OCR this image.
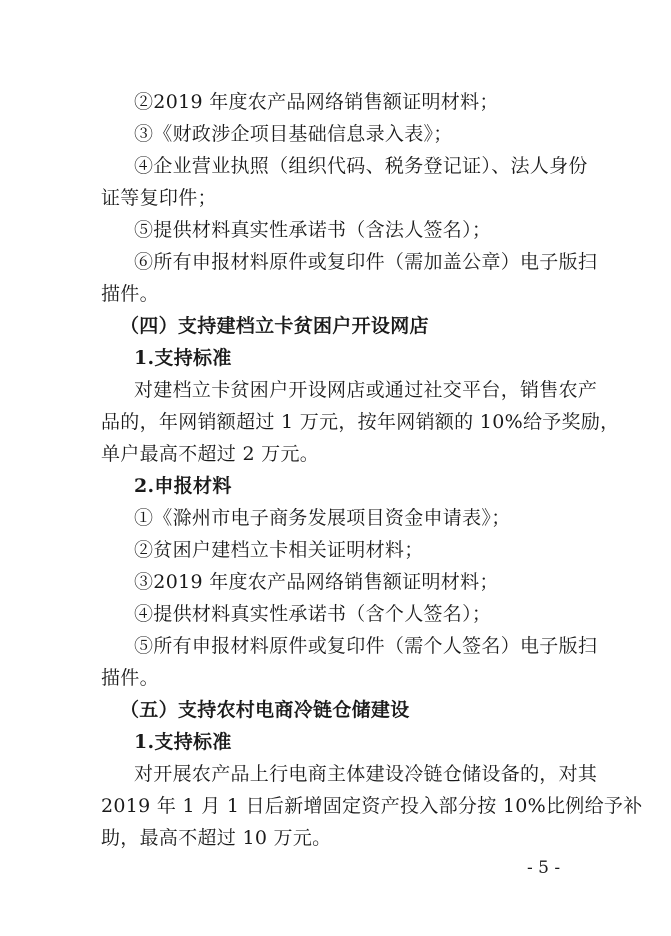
②2019 年度农产品网络销售额证明材料；
③《财政涉企项目基础信息录入表》；
④企业营业执照（组织代码、税务登记证）、法人身份
证等复印件；
⑤提供材料真实性承诺书（含法人签名）；
⑥所有申报材料原件或复印件（需加盖公章）电子版扫
描件。
（四）支持建档立卡贫困户开设网店
1.支持标准
对建档立卡贫困户开设网店或通过社交平台，销售农产
品的，年网销额超过 1 万元，按年网销额的 10%给予奖励，
单户最高不超过 2 万元。
2.申报材料
①《滁州市电子商务发展项目资金申请表》；
②贫困户建档立卡相关证明材料；
③2019 年度农产品网络销售额证明材料；
④提供材料真实性承诺书（含个人签名）；
⑤所有申报材料原件或复印件（需个人签名）电子版扫
描件。
（五）支持农村电商冷链仓储建设
1.支持标准
对开展农产品上行电商主体建设冷链仓储设备的，对其
2019 年 1 月 1 日后新增固定资产投入部分按 10%比例给予补
助，最高不超过 10 万元。
- 5 -
